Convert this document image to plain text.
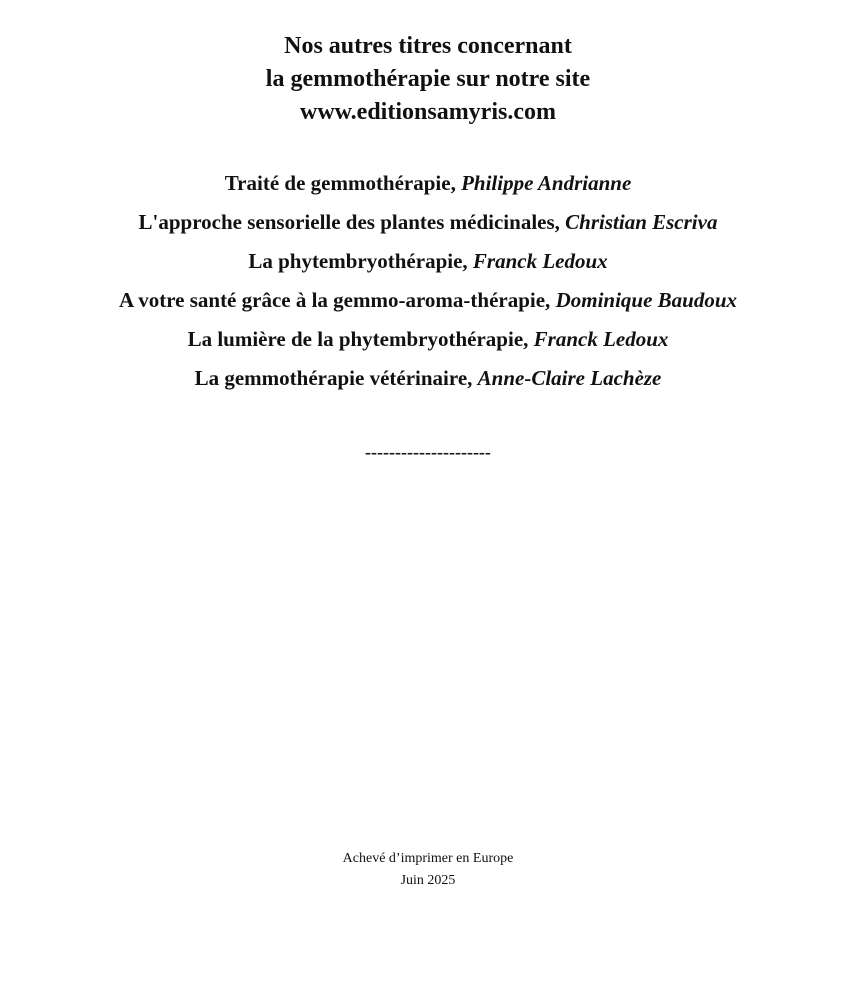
Nos autres titres concernant
la gemmothérapie sur notre site
www.editionsamyris.com
Traité de gemmothérapie, Philippe Andrianne
L'approche sensorielle des plantes médicinales, Christian Escriva
La phytembryothérapie, Franck Ledoux
A votre santé grâce à la gemmo-aroma-thérapie, Dominique Baudoux
La lumière de la phytembryothérapie, Franck Ledoux
La gemmothérapie vétérinaire, Anne-Claire Lachèze
---------------------
Achevé d’imprimer en Europe
Juin 2025
